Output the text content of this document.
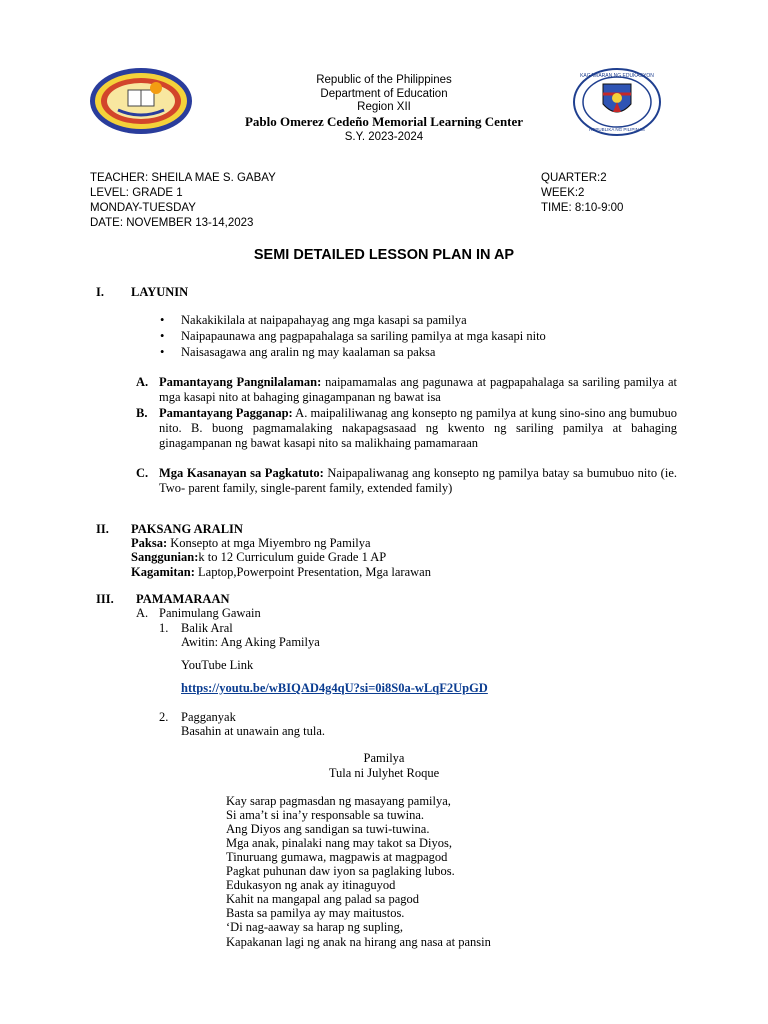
KAGAWARAN NG EDUKASYON
REPUBLIKA NG PILIPINAS
Republic of the Philippines
Department of Education
Region XII
Pablo Omerez Cedeño Memorial Learning Center
S.Y. 2023-2024
TEACHER: SHEILA MAE S. GABAY
LEVEL: GRADE 1
MONDAY-TUESDAY
DATE: NOVEMBER 13-14,2023
QUARTER:2
WEEK:2
TIME: 8:10-9:00
SEMI DETAILED LESSON PLAN IN AP
I. LAYUNIN
• Nakakikilala at naipapahayag ang mga kasapi sa pamilya
• Naipapaunawa ang pagpapahalaga sa sariling pamilya at mga kasapi nito
• Naisasagawa ang aralin ng may kaalaman sa paksa
A. Pamantayang Pangnilalaman: naipamamalas ang pagunawa at pagpapahalaga sa sariling pamilya at mga kasapi nito at bahaging ginagampanan ng bawat isa
B. Pamantayang Pagganap: A. maipaliliwanag ang konsepto ng pamilya at kung sino-sino ang bumubuo nito. B. buong pagmamalaking nakapagsasaad ng kwento ng sariling pamilya at bahaging ginagampanan ng bawat kasapi nito sa malikhaing pamamaraan
C. Mga Kasanayan sa Pagkatuto: Naipapaliwanag ang konsepto ng pamilya batay sa bumubuo nito (ie. Two- parent family, single-parent family, extended family)
II. PAKSANG ARALIN
Paksa: Konsepto at mga Miyembro ng Pamilya
Sanggunian:k to 12 Curriculum guide Grade 1 AP
Kagamitan: Laptop,Powerpoint Presentation, Mga larawan
III. PAMAMARAAN
A. Panimulang Gawain
1. Balik Aral
Awitin: Ang Aking Pamilya
YouTube Link
https://youtu.be/wBIQAD4g4qU?si=0i8S0a-wLqF2UpGD
2. Pagganyak
Basahin at unawain ang tula.
Pamilya
Tula ni Julyhet Roque
Kay sarap pagmasdan ng masayang pamilya,
Si ama’t si ina’y responsable sa tuwina.
Ang Diyos ang sandigan sa tuwi-tuwina.
Mga anak, pinalaki nang may takot sa Diyos,
Tinuruang gumawa, magpawis at magpagod
Pagkat puhunan daw iyon sa paglaking lubos.
Edukasyon ng anak ay itinaguyod
Kahit na mangapal ang palad sa pagod
Basta sa pamilya ay may maitustos.
‘Di nag-aaway sa harap ng supling,
Kapakanan lagi ng anak na hirang ang nasa at pansin
